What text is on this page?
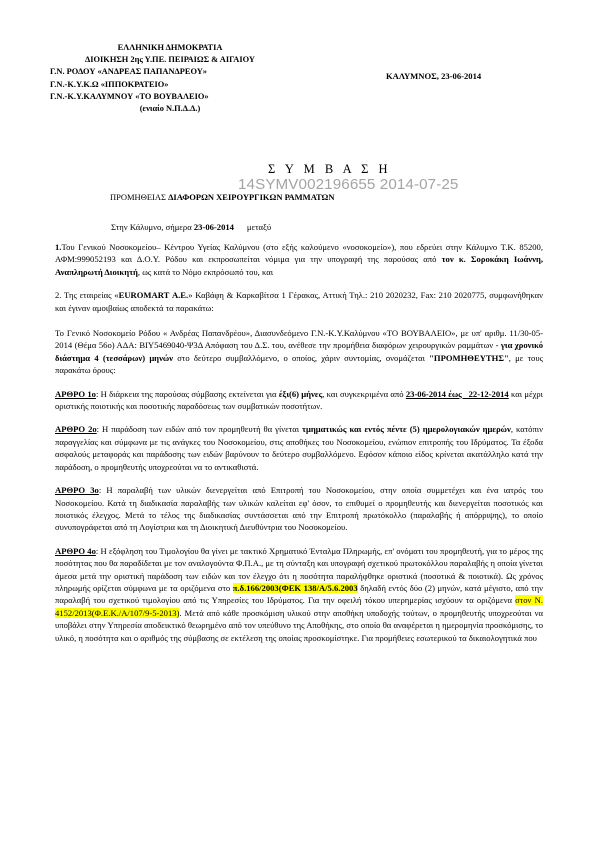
ΕΛΛΗΝΙΚΗ ΔΗΜΟΚΡΑΤΙΑ
ΔΙΟΙΚΗΣΗ 2ης Υ.ΠΕ. ΠΕΙΡΑΙΩΣ & ΑΙΓΑΙΟΥ
Γ.Ν. ΡΟΔΟΥ «ΑΝΔΡΕΑΣ ΠΑΠΑΝΔΡΕΟΥ»
Γ.Ν.-Κ.Υ.Κ.Ω «ΙΠΠΟΚΡΑΤΕΙΟ»
Γ.Ν.-Κ.Υ.ΚΑΛΥΜΝΟΥ «ΤΟ ΒΟΥΒΑΛΕΙΟ»
(ενιαίο Ν.Π.Δ.Δ.)
ΚΑΛΥΜΝΟΣ, 23-06-2014
Σ Υ Μ Β Α Σ Η
14SYMV002196655 2014-07-25
ΠΡΟΜΗΘΕΙΑΣ ΔΙΑΦΟΡΩΝ ΧΕΙΡΟΥΡΓΙΚΩΝ ΡΑΜΜΑΤΩΝ
Στην Κάλυμνο, σήμερα 23-06-2014      μεταξύ

1.Του Γενικού Νοσοκομείου– Κέντρου Υγείας Καλύμνου (στο εξής καλούμενο «νοσοκομείο»), που εδρεύει στην Κάλυμνο Τ.Κ. 85200, ΑΦΜ:999052193 και Δ.Ο.Υ. Ρόδου και εκπροσωπείται νόμιμα για την υπογραφή της παρούσας από τον κ. Σορoκάκη Ιωάννη, Αναπληρωτή Διοικητή, ως κατά το Νόμο εκπρόσωπό του, και

2. Της εταιρείας «EUROMART Α.Ε.» Καβάφη & Καρκαβίτσα 1 Γέρακας, Αττική Τηλ.: 210 2020232, Fax: 210 2020775, συμφωνήθηκαν και έγιναν αμοιβαίως αποδεκτά τα παρακάτω:

Το Γενικό Νοσοκομείο Ρόδου « Ανδρέας Παπανδρέου», Διασυνδεόμενο Γ.Ν.-Κ.Υ.Καλύμνου «ΤΟ ΒΟΥΒΑΛΕΙΟ», με υπ' αριθμ. 11/30-05-2014 (Θέμα 56ο) ΑΔΑ: ΒΙΥ5469040-Ψ3Δ Απόφαση του Δ.Σ. του, ανέθεσε την προμήθεια διαφόρων χειρουργικών ραμμάτων - για χρονικό διάστημα 4 (τεσσάρων) μηνών στο δεύτερο συμβαλλόμενο, ο οποίος, χάριν συντομίας, ονομάζεται "ΠΡΟΜΗΘΕΥΤΗΣ", με τους παρακάτω όρους:

ΑΡΘΡΟ 1ο: Η διάρκεια της παρούσας σύμβασης εκτείνεται για έξι(6) μήνες, και συγκεκριμένα από 23-06-2014 έως   22-12-2014 και μέχρι οριστικής ποιοτικής και ποσοτικής παραδόσεως των συμβατικών ποσοτήτων.

ΑΡΘΡΟ 2ο: Η παράδοση των ειδών από τον προμηθευτή θα γίνεται τμηματικώς και εντός πέντε (5) ημερολογιακών ημερών, κατόπιν παραγγελίας και σύμφωνα με τις ανάγκες του Νοσοκομείου, στις αποθήκες του Νοσοκομείου, ενώπιον επιτροπής του Ιδρύματος. Τα έξοδα ασφαλούς μεταφοράς και παράδοσης των ειδών βαρύνουν το δεύτερο συμβαλλόμενο. Εφόσον κάποιο είδος κρίνεται ακατάλληλο κατά την παράδοση, ο προμηθευτής υποχρεούται να το αντικαθιστά.

ΑΡΘΡΟ 3ο: Η παραλαβή των υλικών διενεργείται από Επιτροπή του Νοσοκομείου, στην οποία συμμετέχει και ένα ιατρός του Νοσοκομείου. Κατά τη διαδικασία παραλαβής των υλικών καλείται εφ' όσον, το επιθυμεί ο προμηθευτής και διενεργείται ποσοτικός και ποιοτικός έλεγχος. Μετά το τέλος της διαδικασίας συντάσσεται από την Επιτροπή πρωτόκολλο (παραλαβής ή απόρριψης), το οποίο συνυπογράφεται από τη Λογίστρια και τη Διοικητική Διευθύντρια του Νοσοκομείου.

ΑΡΘΡΟ 4ο: Η εξόφληση του Τιμολογίου θα γίνει με τακτικό Χρηματικό Ένταλμα Πληρωμής, επ' ονόματι του προμηθευτή, για το μέρος της ποσότητας που θα παραδίδεται με τον αναλογούντα Φ.Π.Α., με τη σύνταξη και υπογραφή σχετικού πρωτοκόλλου παραλαβής η οποία γίνεται άμεσα μετά την οριστική παράδοση των ειδών και τον έλεγχο ότι η ποσότητα παραλήφθηκε οριστικά (ποσοτικά & ποιοτικά). Ως χρόνος πληρωμής ορίζεται σύμφωνα με τα οριζόμενα στο π.δ.166/2003(ΦΕΚ 138/Α/5.6.2003 δηλαδή εντός δύο (2) μηνών, κατά μέγιστο, από την παραλαβή του σχετικού τιμολογίου από τις Υπηρεσίες του Ιδρύματος. Για την οφειλή τόκου υπερημερίας ισχύουν τα οριζόμενα στον Ν. 4152/2013(Φ.Ε.Κ./Α/107/9-5-2013). Μετά από κάθε προσκόμιση υλικού στην αποθήκη υποδοχής τούτων, ο προμηθευτής υποχρεούται να υποβάλει στην Υπηρεσία αποδεικτικό θεωρημένο από τον υπεύθυνο της Αποθήκης, στο οποίο θα αναφέρεται η ημερομηνία προσκόμισης, το υλικό, η ποσότητα και ο αριθμός της σύμβασης σε εκτέλεση της οποίας προσκομίστηκε. Για προμήθειες εσωτερικού τα δικαιολογητικά που
